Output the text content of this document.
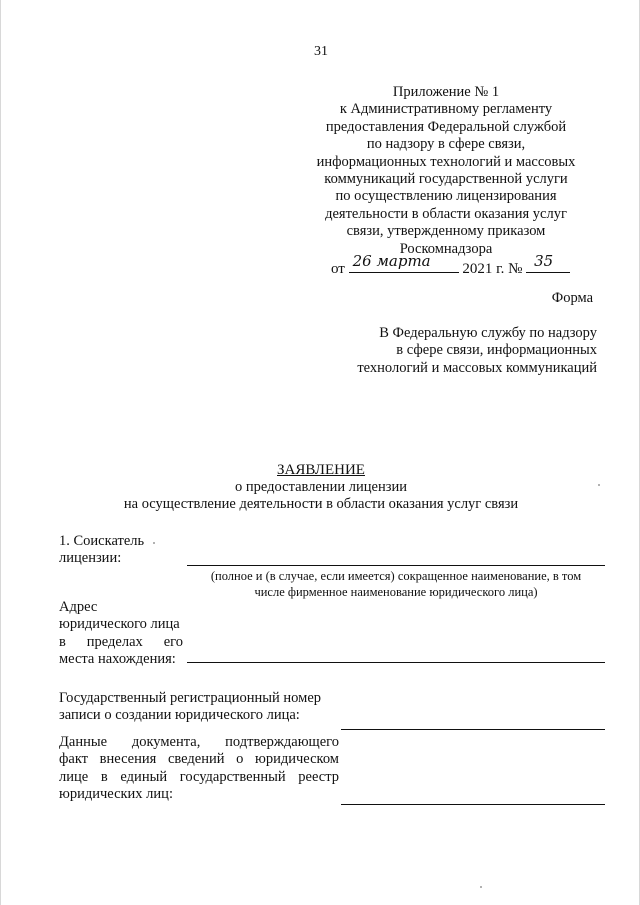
31
Приложение № 1
к Административному регламенту
предоставления Федеральной службой
по надзору в сфере связи,
информационных технологий и массовых
коммуникаций государственной услуги
по осуществлению лицензирования
деятельности в области оказания услуг
связи, утвержденному приказом
Роскомнадзора
от 26 марта 2021 г. № 35
Форма
В Федеральную службу по надзору
в сфере связи, информационных
технологий и массовых коммуникаций
ЗАЯВЛЕНИЕ
о предоставлении лицензии
на осуществление деятельности в области оказания услуг связи
1. Соискатель
лицензии:
(полное и (в случае, если имеется) сокращенное наименование, в том
числе фирменное наименование юридического лица)
Адрес
юридического лица
в пределах его
места нахождения:
Государственный регистрационный номер
записи о создании юридического лица:
Данные документа, подтверждающего
факт внесения сведений о юридическом
лице в единый государственный реестр
юридических лиц:
